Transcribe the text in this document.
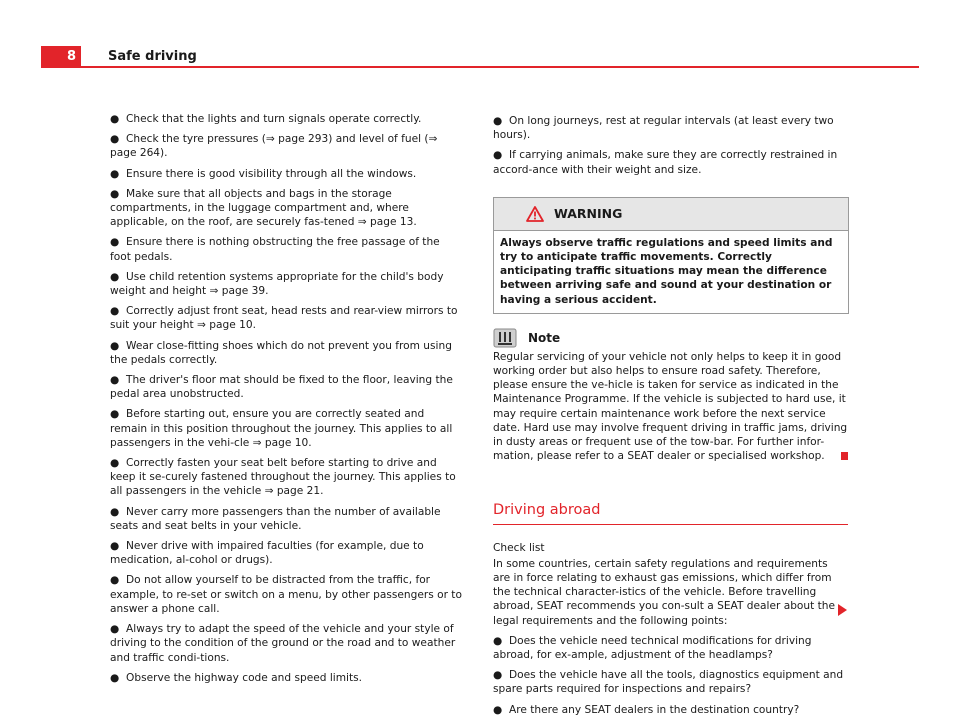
8	Safe driving

● Check that the lights and turn signals operate correctly.

● Check the tyre pressures (⇒ page 293) and level of fuel (⇒ page 264).

● Ensure there is good visibility through all the windows.

● Make sure that all objects and bags in the storage compartments, in the luggage compartment and, where applicable, on the roof, are securely fas-tened ⇒ page 13.

● Ensure there is nothing obstructing the free passage of the foot pedals.

● Use child retention systems appropriate for the child's body weight and height ⇒ page 39.

● Correctly adjust front seat, head rests and rear-view mirrors to suit your height ⇒ page 10.

● Wear close-fitting shoes which do not prevent you from using the pedals correctly.

● The driver's floor mat should be fixed to the floor, leaving the pedal area unobstructed.

● Before starting out, ensure you are correctly seated and remain in this position throughout the journey. This applies to all passengers in the vehi-cle ⇒ page 10.

● Correctly fasten your seat belt before starting to drive and keep it se-curely fastened throughout the journey. This applies to all passengers in the vehicle ⇒ page 21.

● Never carry more passengers than the number of available seats and seat belts in your vehicle.

● Never drive with impaired faculties (for example, due to medication, al-cohol or drugs).

● Do not allow yourself to be distracted from the traffic, for example, to re-set or switch on a menu, by other passengers or to answer a phone call.

● Always try to adapt the speed of the vehicle and your style of driving to the condition of the ground or the road and to weather and traffic condi-tions.

● Observe the highway code and speed limits.

● On long journeys, rest at regular intervals (at least every two hours).

● If carrying animals, make sure they are correctly restrained in accord-ance with their weight and size.

WARNING
Always observe traffic regulations and speed limits and try to anticipate traffic movements. Correctly anticipating traffic situations may mean the difference between arriving safe and sound at your destination or having a serious accident.
Note
Regular servicing of your vehicle not only helps to keep it in good working order but also helps to ensure road safety. Therefore, please ensure the ve-hicle is taken for service as indicated in the Maintenance Programme. If the vehicle is subjected to hard use, it may require certain maintenance work before the next service date. Hard use may involve frequent driving in traffic jams, driving in dusty areas or frequent use of the tow-bar. For further infor-mation, please refer to a SEAT dealer or specialised workshop.
Driving abroad
Check list

In some countries, certain safety regulations and requirements are in force relating to exhaust gas emissions, which differ from the technical character-istics of the vehicle. Before travelling abroad, SEAT recommends you con-sult a SEAT dealer about the legal requirements and the following points:

● Does the vehicle need technical modifications for driving abroad, for ex-ample, adjustment of the headlamps?

● Does the vehicle have all the tools, diagnostics equipment and spare parts required for inspections and repairs?

● Are there any SEAT dealers in the destination country?
